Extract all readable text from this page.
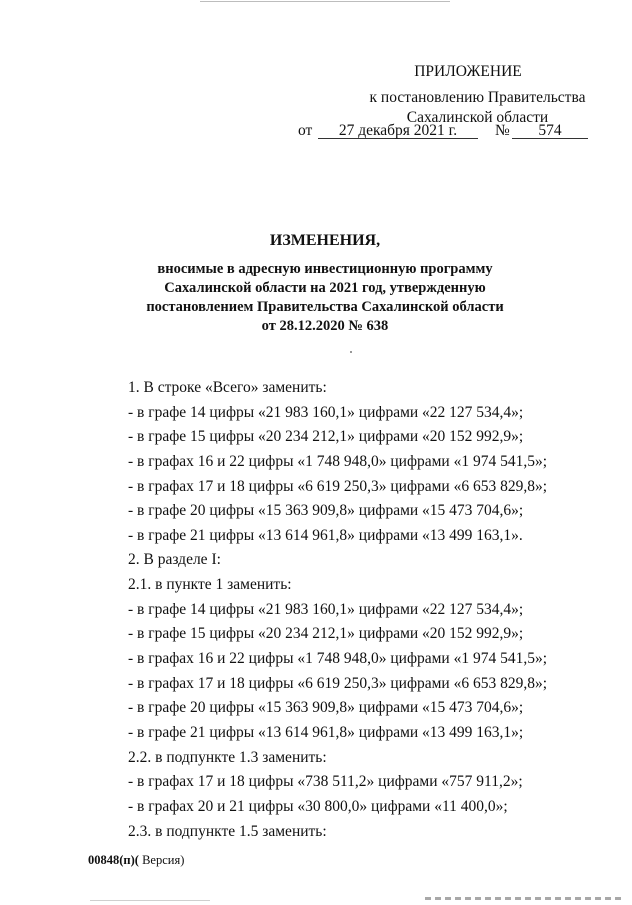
ПРИЛОЖЕНИЕ
к постановлению Правительства
Сахалинской области
от	27 декабря 2021 г.	№	574
ИЗМЕНЕНИЯ,
вносимые в адресную инвестиционную программу
Сахалинской области на 2021 год, утвержденную
постановлением Правительства Сахалинской области
от 28.12.2020 № 638
1. В строке «Всего» заменить:
- в графе 14 цифры «21 983 160,1» цифрами «22 127 534,4»;
- в графе 15 цифры «20 234 212,1» цифрами «20 152 992,9»;
- в графах 16 и 22 цифры «1 748 948,0» цифрами «1 974 541,5»;
- в графах 17 и 18 цифры «6 619 250,3» цифрами «6 653 829,8»;
- в графе 20 цифры «15 363 909,8» цифрами «15 473 704,6»;
- в графе 21 цифры «13 614 961,8» цифрами «13 499 163,1».
2. В разделе I:
2.1. в пункте 1 заменить:
- в графе 14 цифры «21 983 160,1» цифрами «22 127 534,4»;
- в графе 15 цифры «20 234 212,1» цифрами «20 152 992,9»;
- в графах 16 и 22 цифры «1 748 948,0» цифрами «1 974 541,5»;
- в графах 17 и 18 цифры «6 619 250,3» цифрами «6 653 829,8»;
- в графе 20 цифры «15 363 909,8» цифрами «15 473 704,6»;
- в графе 21 цифры «13 614 961,8» цифрами «13 499 163,1»;
2.2. в подпункте 1.3 заменить:
- в графах 17 и 18 цифры «738 511,2» цифрами «757 911,2»;
- в графах 20 и 21 цифры «30 800,0» цифрами «11 400,0»;
2.3. в подпункте 1.5 заменить:
00848(п)( Версия)
